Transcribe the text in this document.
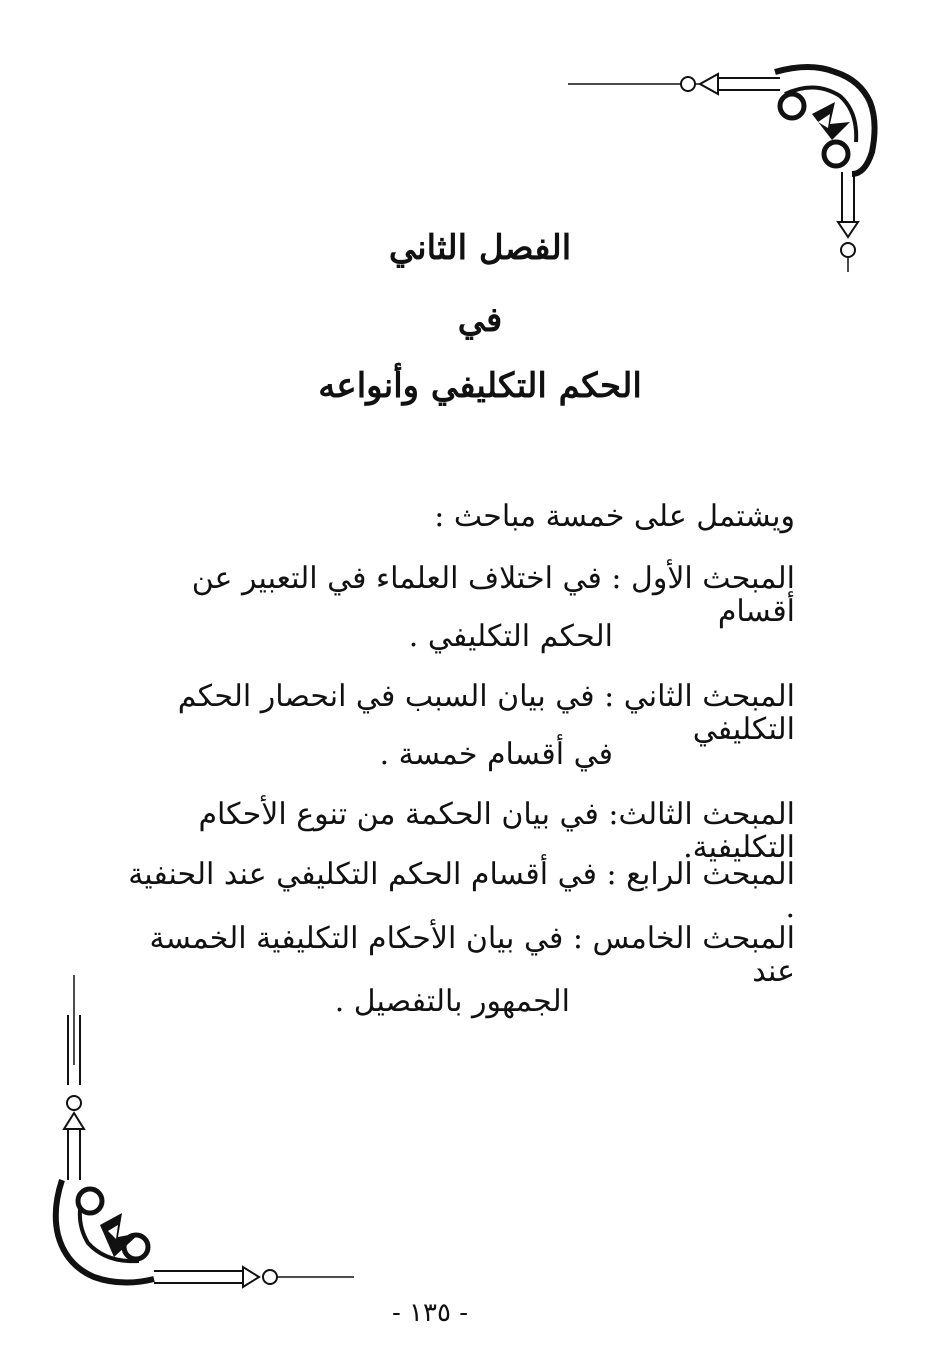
الفصل الثاني
في
الحكم التكليفي وأنواعه
ويشتمل على خمسة مباحث :
المبحث الأول : في اختلاف العلماء في التعبير عن أقسام
الحكم التكليفي .
المبحث الثاني : في بيان السبب في انحصار الحكم التكليفي
في أقسام خمسة .
المبحث الثالث: في بيان الحكمة من تنوع الأحكام التكليفية.
المبحث الرابع : في أقسام الحكم التكليفي عند الحنفية .
المبحث الخامس : في بيان الأحكام التكليفية الخمسة عند
الجمهور بالتفصيل .
- ١٣٥ -
